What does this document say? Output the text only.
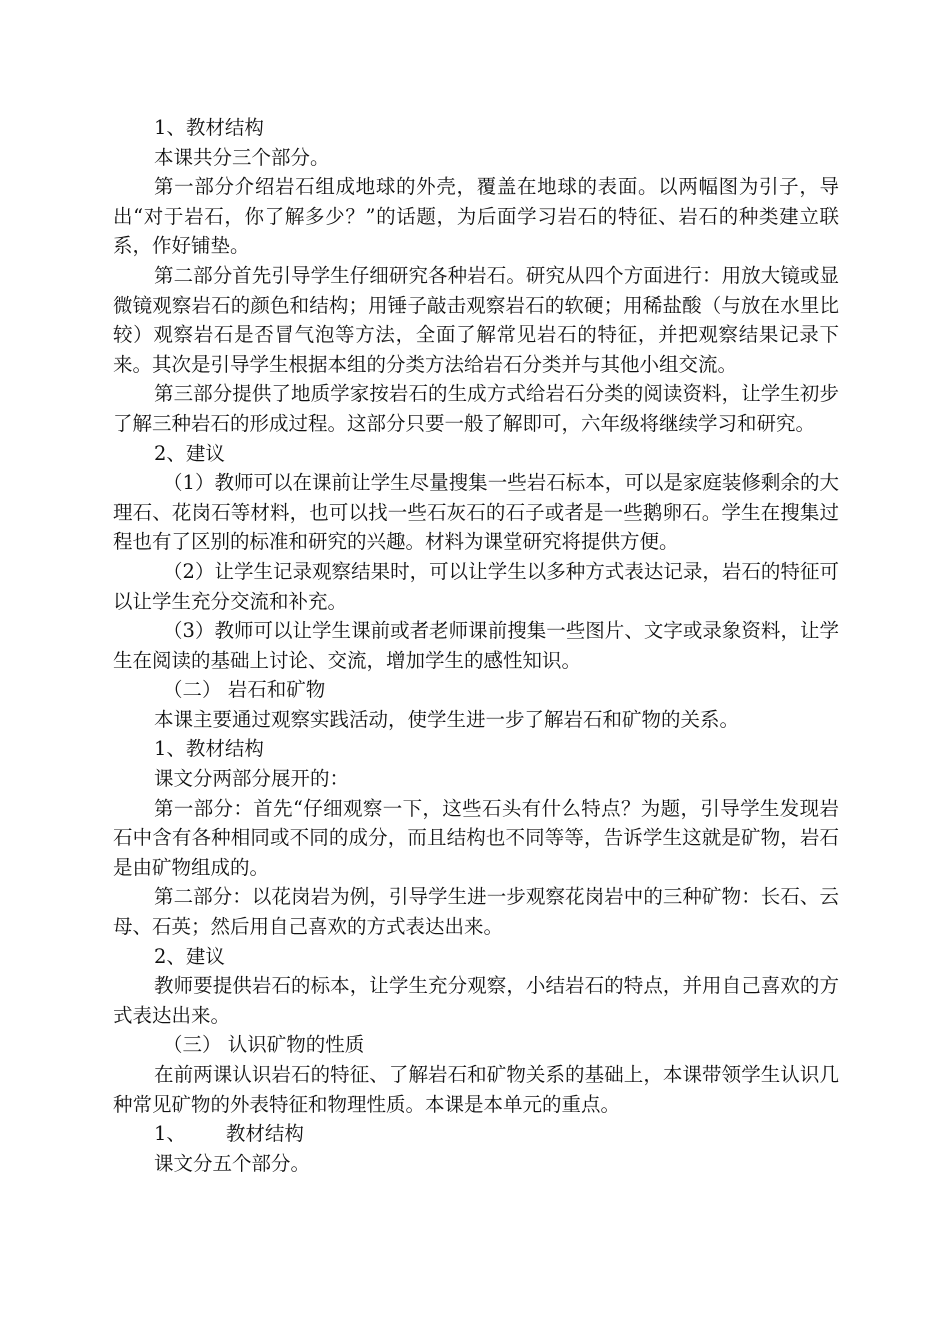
1、教材结构

本课共分三个部分。

第一部分介绍岩石组成地球的外壳，覆盖在地球的表面。以两幅图为引子，导出“对于岩石，你了解多少？”的话题，为后面学习岩石的特征、岩石的种类建立联系，作好铺垫。

第二部分首先引导学生仔细研究各种岩石。研究从四个方面进行：用放大镜或显微镜观察岩石的颜色和结构；用锤子敲击观察岩石的软硬；用稀盐酸（与放在水里比较）观察岩石是否冒气泡等方法，全面了解常见岩石的特征，并把观察结果记录下来。其次是引导学生根据本组的分类方法给岩石分类并与其他小组交流。

第三部分提供了地质学家按岩石的生成方式给岩石分类的阅读资料，让学生初步了解三种岩石的形成过程。这部分只要一般了解即可，六年级将继续学习和研究。

2、建议

（1）教师可以在课前让学生尽量搜集一些岩石标本，可以是家庭装修剩余的大理石、花岗石等材料，也可以找一些石灰石的石子或者是一些鹅卵石。学生在搜集过程也有了区别的标准和研究的兴趣。材料为课堂研究将提供方便。

（2）让学生记录观察结果时，可以让学生以多种方式表达记录，岩石的特征可以让学生充分交流和补充。

（3）教师可以让学生课前或者老师课前搜集一些图片、文字或录象资料，让学生在阅读的基础上讨论、交流，增加学生的感性知识。

（二） 岩石和矿物

本课主要通过观察实践活动，使学生进一步了解岩石和矿物的关系。

1、教材结构

课文分两部分展开的：

第一部分：首先“仔细观察一下，这些石头有什么特点？为题，引导学生发现岩石中含有各种相同或不同的成分，而且结构也不同等等，告诉学生这就是矿物，岩石是由矿物组成的。

第二部分：以花岗岩为例，引导学生进一步观察花岗岩中的三种矿物：长石、云母、石英；然后用自己喜欢的方式表达出来。

2、建议

教师要提供岩石的标本，让学生充分观察，小结岩石的特点，并用自己喜欢的方式表达出来。

（三） 认识矿物的性质

在前两课认识岩石的特征、了解岩石和矿物关系的基础上，本课带领学生认识几种常见矿物的外表特征和物理性质。本课是本单元的重点。

1、 教材结构

课文分五个部分。
